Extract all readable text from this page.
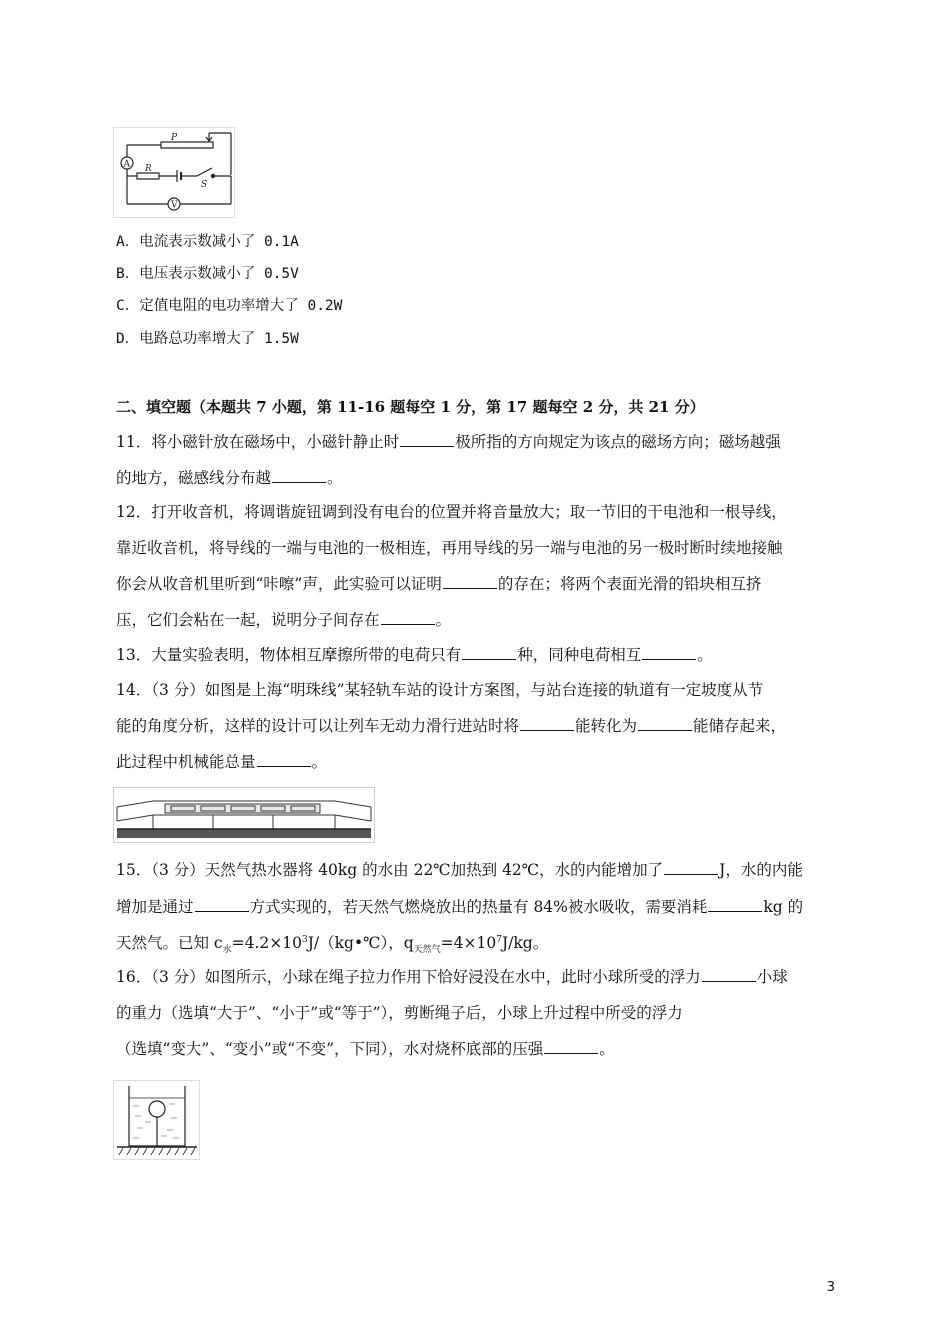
P
A R
S
V
A．电流表示数减小了 0.1A
B．电压表示数减小了 0.5V
C．定值电阻的电功率增大了 0.2W
D．电路总功率增大了 1.5W
二、填空题（本题共 7 小题，第 11-16 题每空 1 分，第 17 题每空 2 分，共 21 分）
11．将小磁针放在磁场中，小磁针静止时	极所指的方向规定为该点的磁场方向；磁场越强
的地方，磁感线分布越	。
12．打开收音机，将调谐旋钮调到没有电台的位置并将音量放大；取一节旧的干电池和一根导线，
靠近收音机，将导线的一端与电池的一极相连，再用导线的另一端与电池的另一极时断时续地接触
你会从收音机里听到“咔嚓”声，此实验可以证明	的存在；将两个表面光滑的铅块相互挤
压，它们会粘在一起，说明分子间存在	。
13．大量实验表明，物体相互摩擦所带的电荷只有	种，同种电荷相互	。
14．（3 分）如图是上海“明珠线”某轻轨车站的设计方案图，与站台连接的轨道有一定坡度从节
能的角度分析，这样的设计可以让列车无动力滑行进站时将	能转化为	能储存起来，
此过程中机械能总量	。
15．（3 分）天然气热水器将 40kg 的水由 22℃加热到 42℃，水的内能增加了	J，水的内能
增加是通过	方式实现的，若天然气燃烧放出的热量有 84%被水吸收，需要消耗	kg 的
天然气。已知 $c_水=4.2\times 10^3J/(kg•℃)$，$q_{天然气}=4\times 10^7J/kg$。
16．（3 分）如图所示，小球在绳子拉力作用下恰好浸没在水中，此时小球所受的浮力	小球
的重力（选填“大于”、“小于”或“等于”），剪断绳子后，小球上升过程中所受的浮力
（选填“变大”、“变小”或“不变”，下同），水对烧杯底部的压强	。
3
